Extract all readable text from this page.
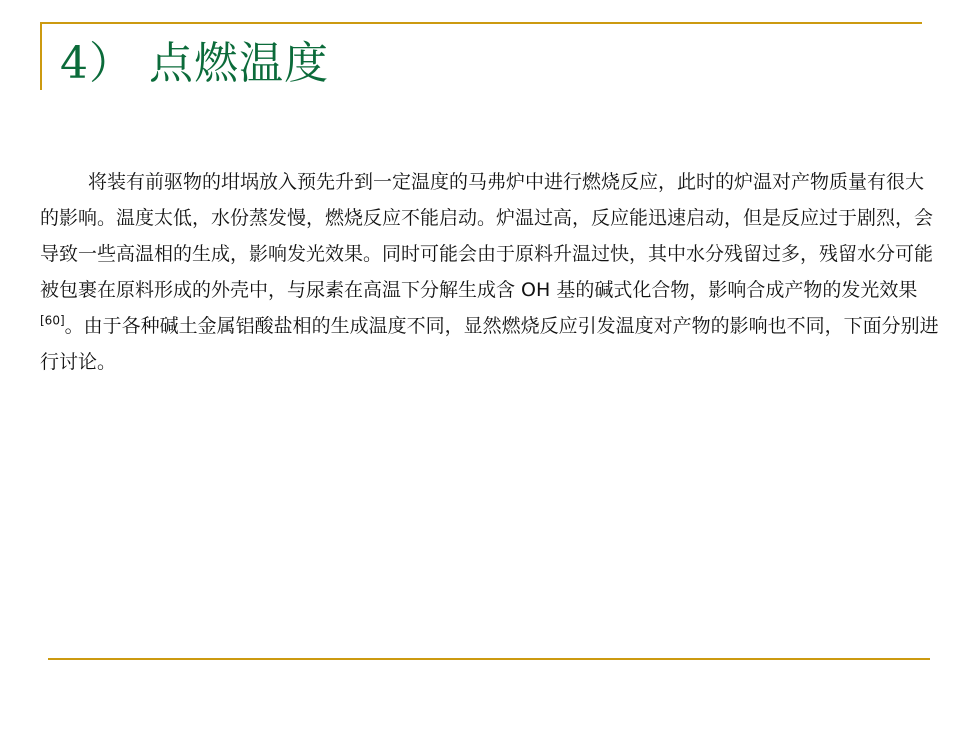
4） 点燃温度
将装有前驱物的坩埚放入预先升到一定温度的马弗炉中进行燃烧反应，此时的炉温对产物质量有很大的影响。温度太低，水份蒸发慢，燃烧反应不能启动。炉温过高，反应能迅速启动，但是反应过于剧烈，会导致一些高温相的生成，影响发光效果。同时可能会由于原料升温过快，其中水分残留过多，残留水分可能被包裹在原料形成的外壳中，与尿素在高温下分解生成含 OH 基的碱式化合物，影响合成产物的发光效果[60]。由于各种碱土金属铝酸盐相的生成温度不同，显然燃烧反应引发温度对产物的影响也不同，下面分别进行讨论。
